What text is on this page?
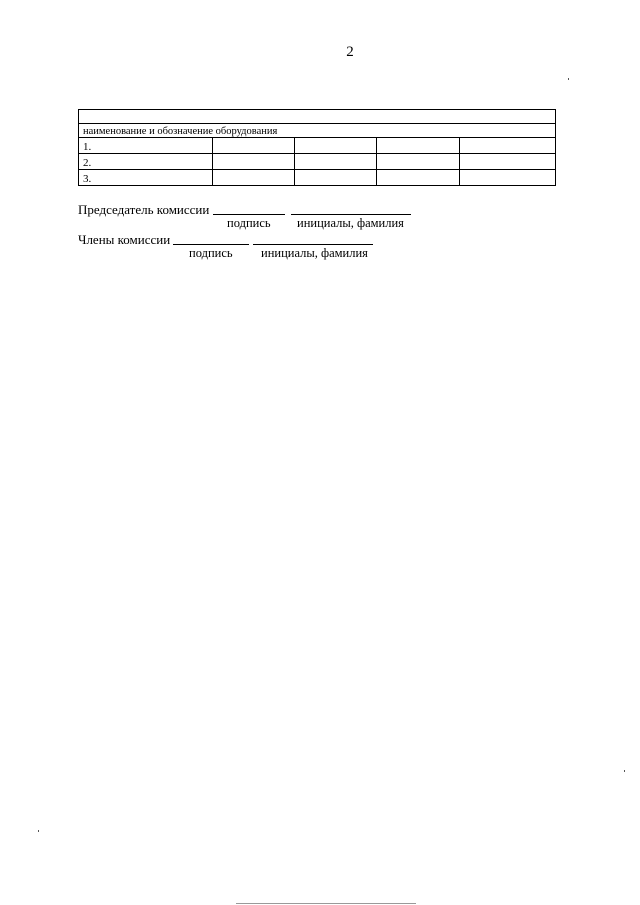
2

наименование и обозначение оборудования				
1.				
2.				
3.				
Председатель комиссии
подпись инициалы, фамилия
Члены комиссии
подпись инициалы, фамилия
